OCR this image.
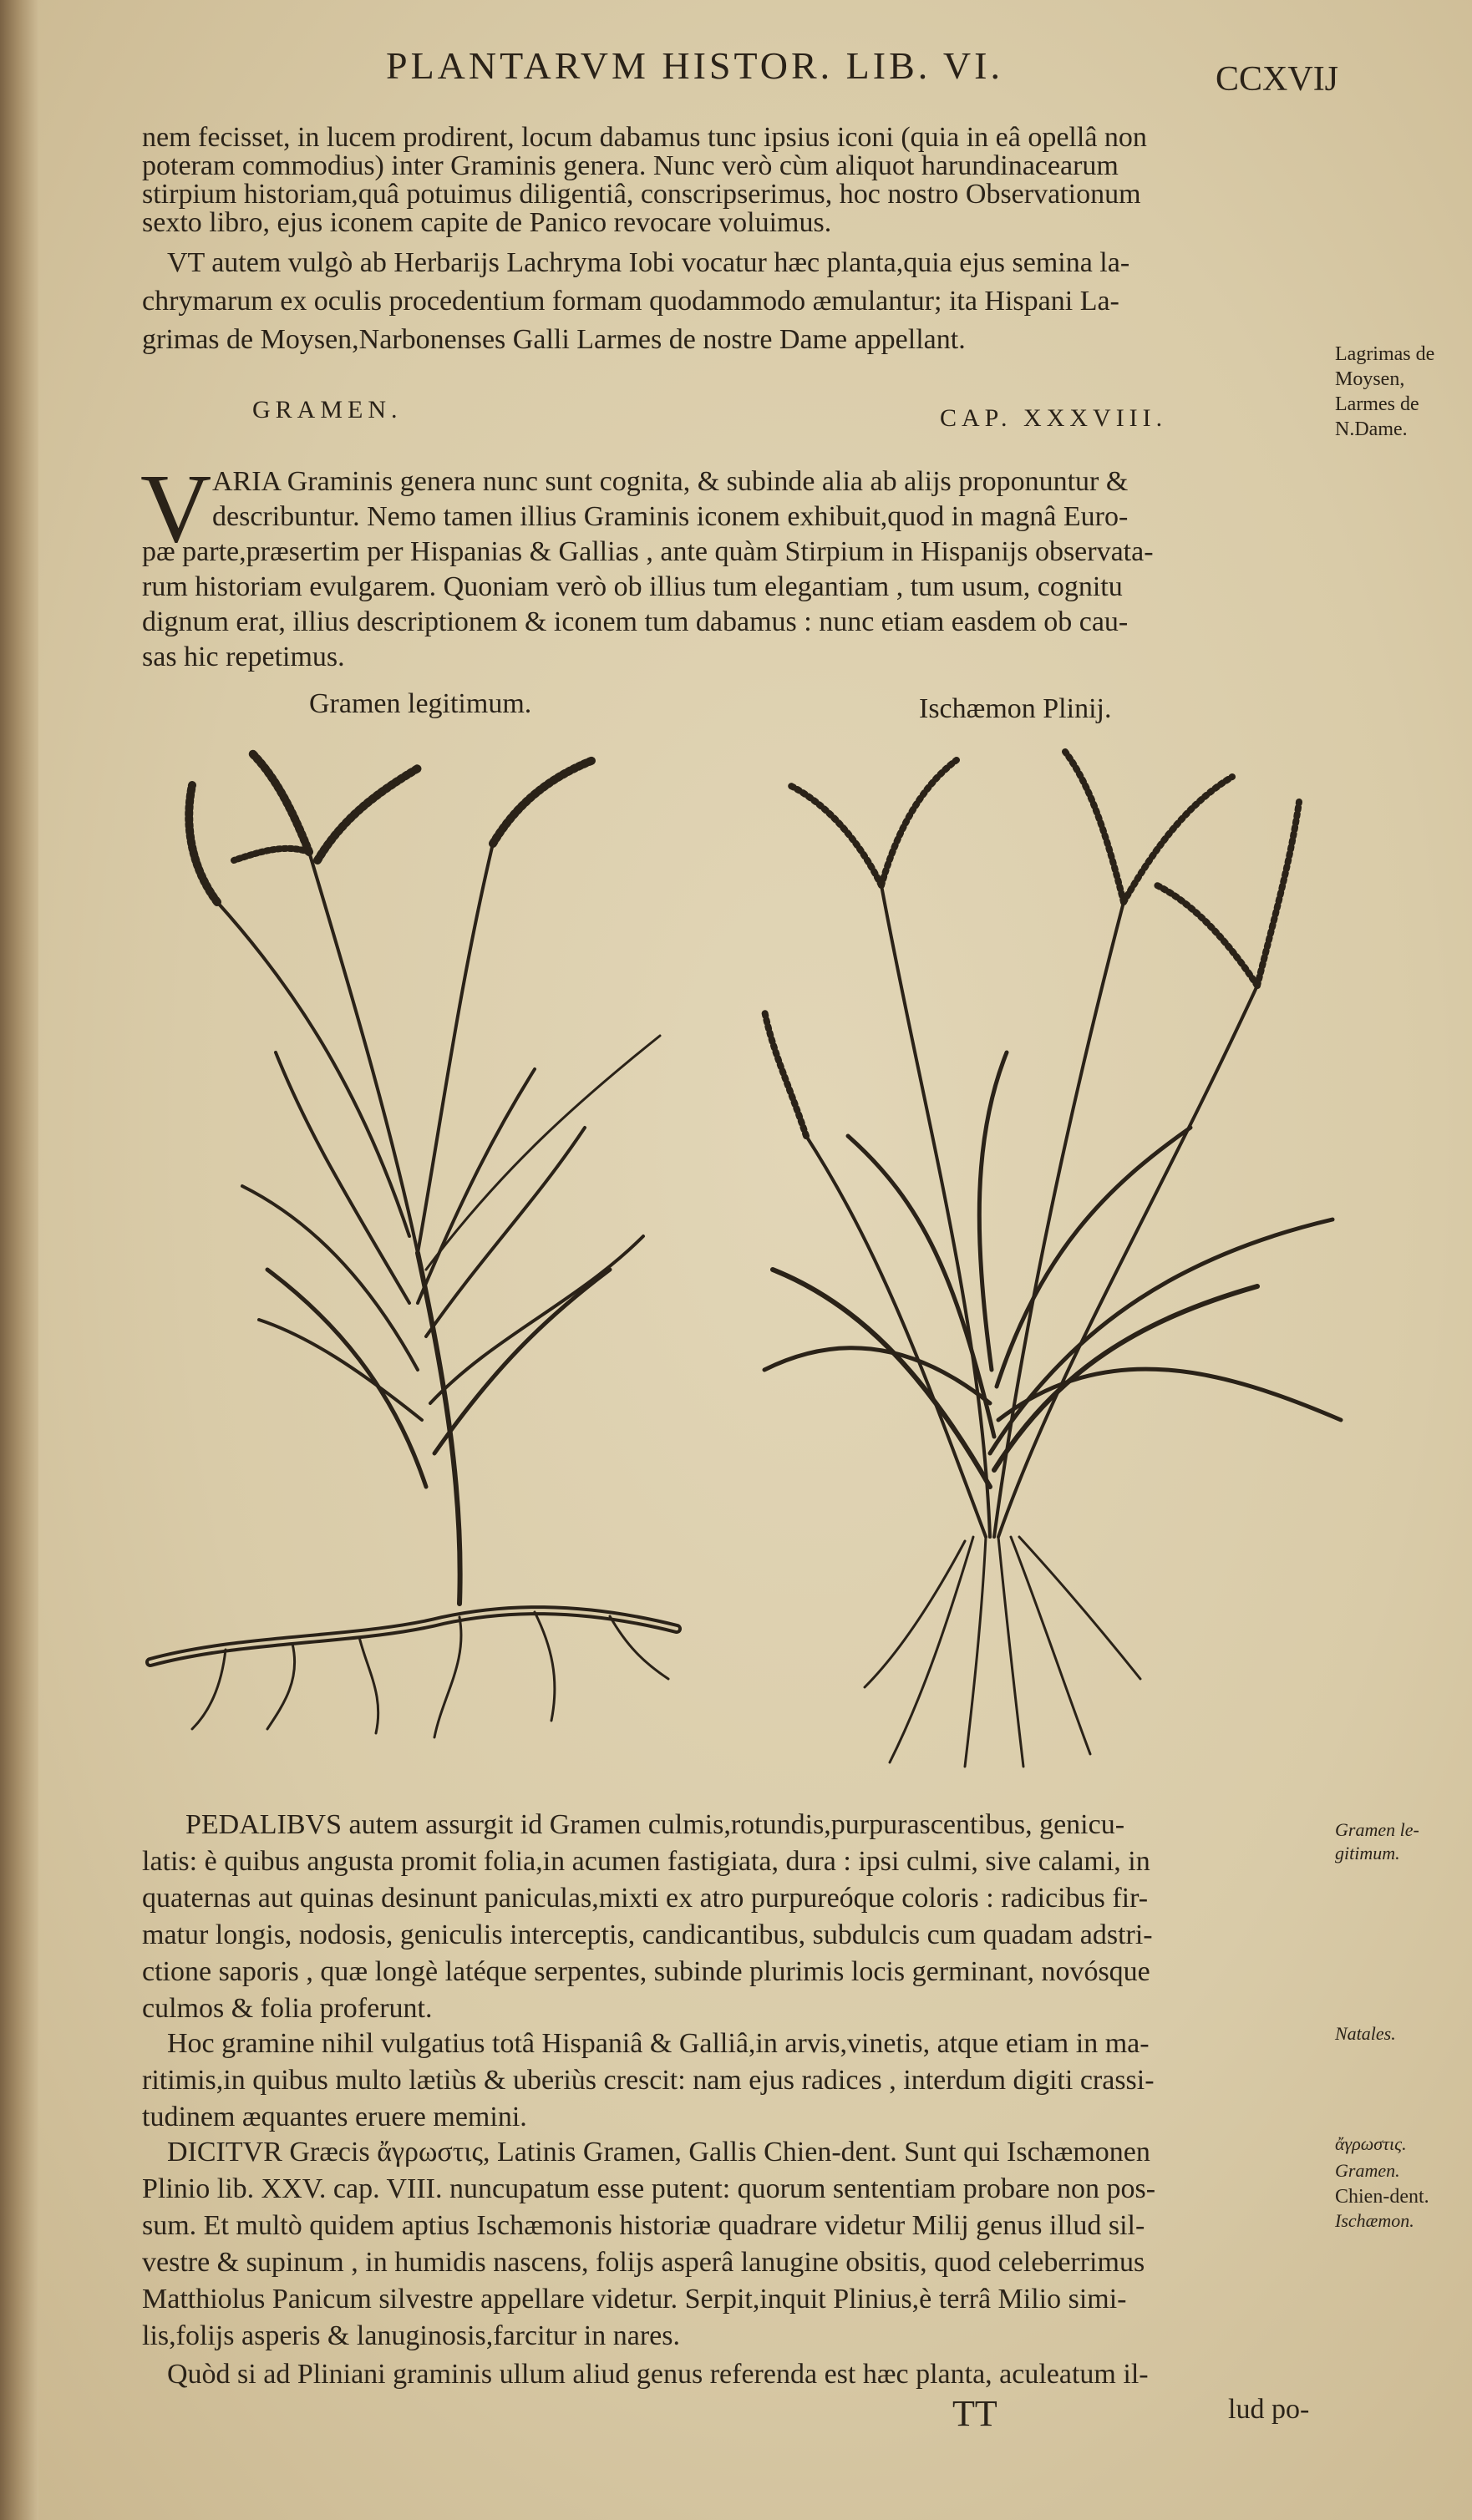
PLANTARVM HISTOR. LIB. VI.	CCXVIJ
nem fecisset, in lucem prodirent, locum dabamus tunc ipsius iconi (quia in eâ opellâ non
poteram commodius) inter Graminis genera. Nunc verò cùm aliquot harundinacearum
stirpium historiam,quâ potuimus diligentiâ, conscripserimus, hoc nostro Observationum
sexto libro, ejus iconem capite de Panico revocare voluimus.
VT autem vulgò ab Herbarijs Lachryma Iobi vocatur hæc planta,quia ejus semina la-
chrymarum ex oculis procedentium formam quodammodo æmulantur; ita Hispani La-
grimas de Moysen,Narbonenses Galli Larmes de nostre Dame appellant.	Lagrimas de
Moysen,
Larmes de
N.Dame.
GRAMEN.	CAP. XXXVIII.
V ARIA Graminis genera nunc sunt cognita, & subinde alia ab alijs proponuntur &
describuntur. Nemo tamen illius Graminis iconem exhibuit,quod in magnâ Euro-
pæ parte,præsertim per Hispanias & Gallias , ante quàm Stirpium in Hispanijs observata-
rum historiam evulgarem. Quoniam verò ob illius tum elegantiam , tum usum, cognitu
dignum erat, illius descriptionem & iconem tum dabamus : nunc etiam easdem ob cau-
sas hic repetimus.
Gramen legitimum.	Ischæmon Plinij.
PEDALIBVS autem assurgit id Gramen culmis,rotundis,purpurascentibus, genicu-
latis: è quibus angusta promit folia,in acumen fastigiata, dura : ipsi culmi, sive calami, in
quaternas aut quinas desinunt paniculas,mixti ex atro purpureóque coloris : radicibus fir-
matur longis, nodosis, geniculis interceptis, candicantibus, subdulcis cum quadam adstri-
ctione saporis , quæ longè latéque serpentes, subinde plurimis locis germinant, novósque
culmos & folia proferunt.
Hoc gramine nihil vulgatius totâ Hispaniâ & Galliâ,in arvis,vinetis, atque etiam in ma-
ritimis,in quibus multo lætiùs & uberiùs crescit: nam ejus radices , interdum digiti crassi-
tudinem æquantes eruere memini.
DICITVR Græcis ἄγρωστις, Latinis Gramen, Gallis Chien-dent. Sunt qui Ischæmonen
Plinio lib. XXV. cap. VIII. nuncupatum esse putent: quorum sententiam probare non pos-
sum. Et multò quidem aptius Ischæmonis historiæ quadrare videtur Milij genus illud sil-
vestre & supinum , in humidis nascens, folijs asperâ lanugine obsitis, quod celeberrimus
Matthiolus Panicum silvestre appellare videtur. Serpit,inquit Plinius,è terrâ Milio simi-
lis,folijs asperis & lanuginosis,farcitur in nares.
Quòd si ad Pliniani graminis ullum aliud genus referenda est hæc planta, aculeatum il-
TT	lud po-
Gramen le-
gitimum.
Natales.
ἄγρωστις.
Gramen.
Chien-dent.
Ischæmon.
